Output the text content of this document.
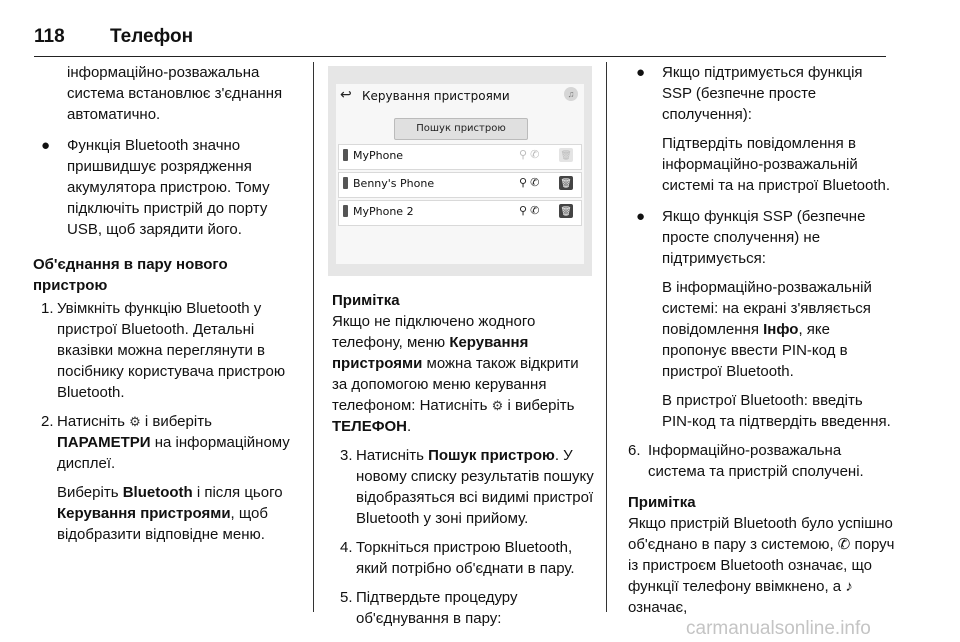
118 Телефон

інформаційно-розважальна система встановлює з'єднання автоматично.

● Функція Bluetooth значно пришвидшує розрядження акумулятора пристрою. Тому підключіть пристрій до порту USB, щоб зарядити його.

Об'єднання в пару нового пристрою

1. Увімкніть функцію Bluetooth у пристрої Bluetooth. Детальні вказівки можна переглянути в посібнику користувача пристрою Bluetooth.
2. Натисніть ⚙ і виберіть ПАРАМЕТРИ на інформаційному дисплеї.

Виберіть Bluetooth і після цього Керування пристроями, щоб відобразити відповідне меню.

↩ Керування пристроями	♫
Пошук пристрою
MyPhone	⚲ ✆ 🗑
Benny's Phone	⚲ ✆ 🗑
MyPhone 2	⚲ ✆ 🗑

Примітка

Якщо не підключено жодного телефону, меню Керування пристроями можна також відкрити за допомогою меню керування телефоном: Натисніть ⚙ і виберіть ТЕЛЕФОН.

3. Натисніть Пошук пристрою. У новому списку результатів пошуку відобразяться всі видимі пристрої Bluetooth у зоні прийому.
4. Торкніться пристрою Bluetooth, який потрібно об'єднати в пару.
5. Підтвердьте процедуру об'єднування в пару:
● Якщо підтримується функція SSP (безпечне просте сполучення):

Підтвердіть повідомлення в інформаційно-розважальній системі та на пристрої Bluetooth.

● Якщо функція SSP (безпечне просте сполучення) не підтримується:

В інформаційно-розважальній системі: на екрані з'являється повідомлення Інфо, яке пропонує ввести PIN-код в пристрої Bluetooth.

В пристрої Bluetooth: введіть PIN-код та підтвердіть введення.

6. Інформаційно-розважальна система та пристрій сполучені.

Примітка

Якщо пристрій Bluetooth було успішно об'єднано в пару з системою, ✆ поруч із пристроєм Bluetooth означає, що функції телефону ввімкнено, а ♪ означає,

carmanualsonline.info
